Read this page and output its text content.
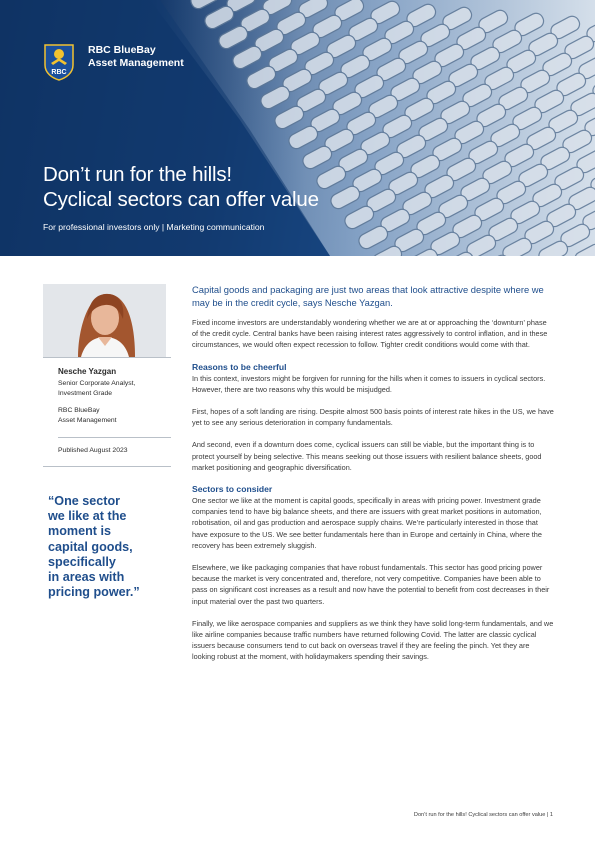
RBC
RBC BlueBay
Asset Management
Don’t run for the hills!
Cyclical sectors can offer value
For professional investors only | Marketing communication
Nesche Yazgan
Senior Corporate Analyst,
Investment Grade
RBC BlueBay
Asset Management
Published August 2023
“One sector
we like at the
moment is
capital goods,
specifically
in areas with
pricing power.”

Capital goods and packaging are just two areas that look attractive despite where we may be in the credit cycle, says Nesche Yazgan.

Fixed income investors are understandably wondering whether we are at or approaching the ‘downturn’ phase of the credit cycle. Central banks have been raising interest rates aggressively to control inflation, and in these circumstances, we would often expect recession to follow. Tighter credit conditions would come with that.

Reasons to be cheerful

In this context, investors might be forgiven for running for the hills when it comes to issuers in cyclical sectors. However, there are two reasons why this would be misjudged.

First, hopes of a soft landing are rising. Despite almost 500 basis points of interest rate hikes in the US, we have yet to see any serious deterioration in company fundamentals.

And second, even if a downturn does come, cyclical issuers can still be viable, but the important thing is to protect yourself by being selective. This means seeking out those issuers with resilient balance sheets, good market positioning and geographic diversification.

Sectors to consider

One sector we like at the moment is capital goods, specifically in areas with pricing power. Investment grade companies tend to have big balance sheets, and there are issuers with great market positions in automation, robotisation, oil and gas production and aerospace supply chains. We’re particularly interested in those that have exposure to the US. We see better fundamentals here than in Europe and certainly in China, where the recovery has been extremely sluggish.

Elsewhere, we like packaging companies that have robust fundamentals. This sector has good pricing power because the market is very concentrated and, therefore, not very competitive. Companies have been able to pass on significant cost increases as a result and now have the potential to benefit from cost decreases in their input material over the past two quarters.

Finally, we like aerospace companies and suppliers as we think they have solid long-term fundamentals, and we like airline companies because traffic numbers have returned following Covid. The latter are classic cyclical issuers because consumers tend to cut back on overseas travel if they are feeling the pinch. Yet they are looking robust at the moment, with holidaymakers spending their savings.

Don’t run for the hills! Cyclical sectors can offer value | 1
